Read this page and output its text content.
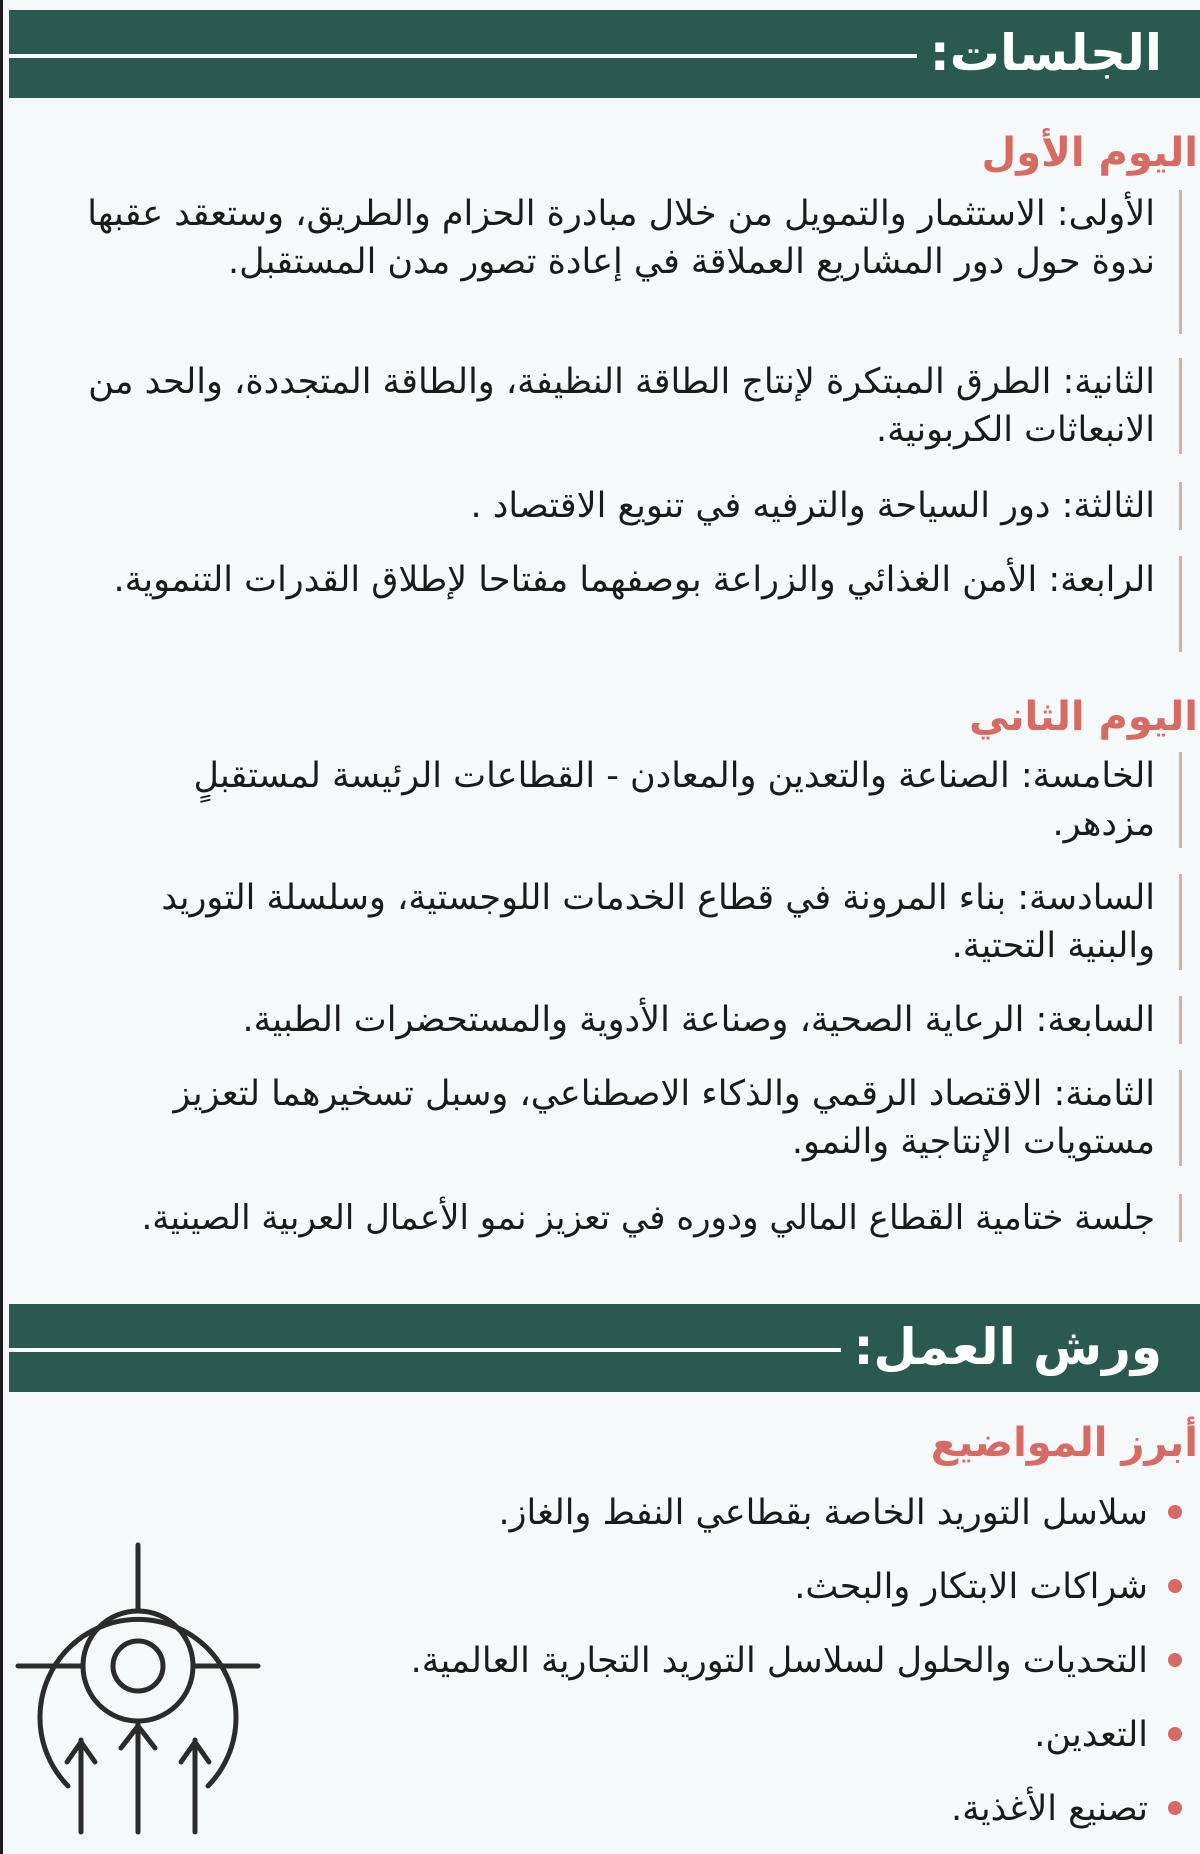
الجلسات:
اليوم الأول
الأولى: الاستثمار والتمويل من خلال مبادرة الحزام والطريق، وستعقد عقبها ندوة حول دور المشاريع العملاقة في إعادة تصور مدن المستقبل.
الثانية: الطرق المبتكرة لإنتاج الطاقة النظيفة، والطاقة المتجددة، والحد من الانبعاثات الكربونية.
الثالثة: دور السياحة والترفيه في تنويع الاقتصاد .
الرابعة: الأمن الغذائي والزراعة بوصفهما مفتاحا لإطلاق القدرات التنموية.
اليوم الثاني
الخامسة: الصناعة والتعدين والمعادن - القطاعات الرئيسة لمستقبلٍ مزدهر.
السادسة: بناء المرونة في قطاع الخدمات اللوجستية، وسلسلة التوريد والبنية التحتية.
السابعة: الرعاية الصحية، وصناعة الأدوية والمستحضرات الطبية.
الثامنة: الاقتصاد الرقمي والذكاء الاصطناعي، وسبل تسخيرهما لتعزيز مستويات الإنتاجية والنمو.
جلسة ختامية القطاع المالي ودوره في تعزيز نمو الأعمال العربية الصينية.
ورش العمل:
أبرز المواضيع
سلاسل التوريد الخاصة بقطاعي النفط والغاز.
شراكات الابتكار والبحث.
التحديات والحلول لسلاسل التوريد التجارية العالمية.
التعدين.
تصنيع الأغذية.
